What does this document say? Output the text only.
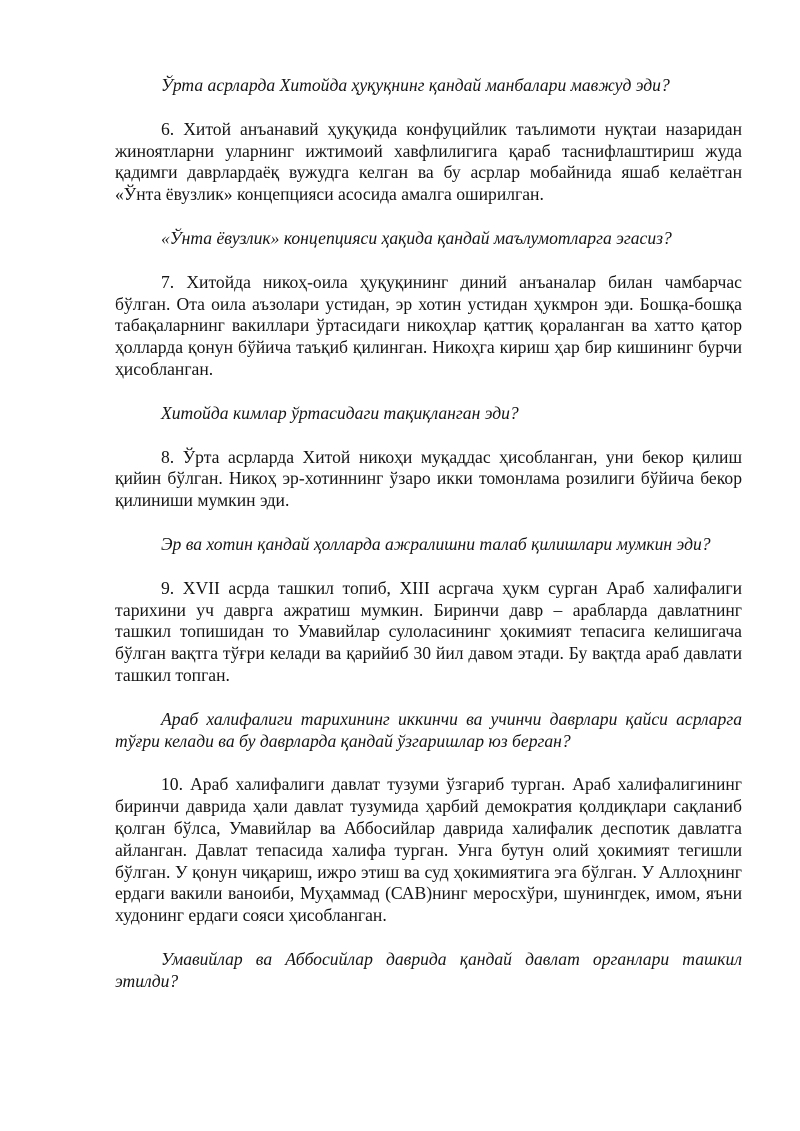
Ўрта асрларда Хитойда ҳуқуқнинг қандай манбалари мавжуд эди?

6. Хитой анъанавий ҳуқуқида конфуцийлик таълимоти нуқтаи назаридан жиноятларни уларнинг ижтимоий хавфлилигига қараб таснифлаштириш жуда қадимги даврлардаёқ вужудга келган ва бу асрлар мобайнида яшаб келаётган «Ўнта ёвузлик» концепцияси асосида амалга оширилган.

«Ўнта ёвузлик» концепцияси ҳақида қандай маълумотларга эгасиз?

7. Хитойда никоҳ-оила ҳуқуқининг диний анъаналар билан чамбарчас бўлган. Ота оила аъзолари устидан, эр хотин устидан ҳукмрон эди. Бошқа-бошқа табақаларнинг вакиллари ўртасидаги никоҳлар қаттиқ қораланган ва хатто қатор ҳолларда қонун бўйича таъқиб қилинган. Никоҳга кириш ҳар бир кишининг бурчи ҳисобланган.

Хитойда кимлар ўртасидаги тақиқланган эди?

8. Ўрта асрларда Хитой никоҳи муқаддас ҳисобланган, уни бекор қилиш қийин бўлган. Никоҳ эр-хотиннинг ўзаро икки томонлама розилиги бўйича бекор қилиниши мумкин эди.

Эр ва хотин қандай ҳолларда ажралишни талаб қилишлари мумкин эди?

9. XVII асрда ташкил топиб, XIII асргача ҳукм сурган Араб халифалиги тарихини уч даврга ажратиш мумкин. Биринчи давр – арабларда давлатнинг ташкил топишидан то Умавийлар сулоласининг ҳокимият тепасига келишигача бўлган вақтга тўғри келади ва қарийиб 30 йил давом этади. Бу вақтда араб давлати ташкил топган.

Араб халифалиги тарихининг иккинчи ва учинчи даврлари қайси асрларга тўғри келади ва бу даврларда қандай ўзгаришлар юз берган?

10. Араб халифалиги давлат тузуми ўзгариб турган. Араб халифалигининг биринчи даврида ҳали давлат тузумида ҳарбий демократия қолдиқлари сақланиб қолган бўлса, Умавийлар ва Аббосийлар даврида халифалик деспотик давлатга айланган. Давлат тепасида халифа турган. Унга бутун олий ҳокимият тегишли бўлган. У қонун чиқариш, ижро этиш ва суд ҳокимиятига эга бўлган. У Аллоҳнинг ердаги вакили ваноиби, Муҳаммад (САВ)нинг меросхўри, шунингдек, имом, яъни худонинг ердаги сояси ҳисобланган.

Умавийлар ва Аббосийлар даврида қандай давлат органлари ташкил этилди?
